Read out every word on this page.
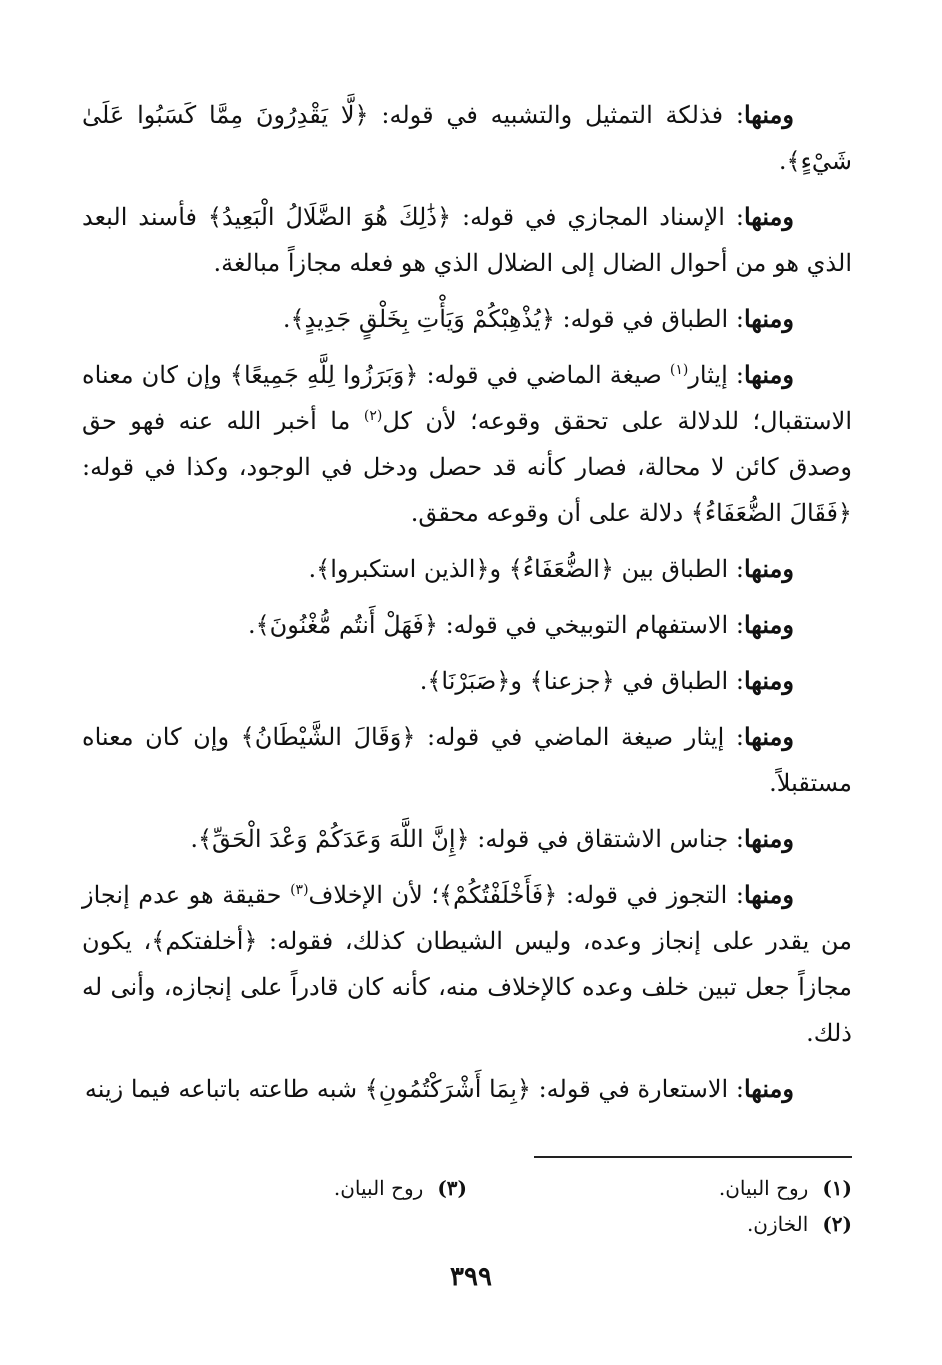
ومنها: فذلكة التمثيل والتشبيه في قوله: ﴿لَّا يَقْدِرُونَ مِمَّا كَسَبُوا عَلَىٰ شَيْءٍ﴾.

ومنها: الإسناد المجازي في قوله: ﴿ذَٰلِكَ هُوَ الضَّلَالُ الْبَعِيدُ﴾ فأسند البعد الذي هو من أحوال الضال إلى الضلال الذي هو فعله مجازاً مبالغة.

ومنها: الطباق في قوله: ﴿يُذْهِبْكُمْ وَيَأْتِ بِخَلْقٍ جَدِيدٍ﴾.

ومنها: إيثار$^{(١)}$ صيغة الماضي في قوله: ﴿وَبَرَزُوا لِلَّهِ جَمِيعًا﴾ وإن كان معناه الاستقبال؛ للدلالة على تحقق وقوعه؛ لأن كل$^{(٢)}$ ما أخبر الله عنه فهو حق وصدق كائن لا محالة، فصار كأنه قد حصل ودخل في الوجود، وكذا في قوله: ﴿فَقَالَ الضُّعَفَاءُ﴾ دلالة على أن وقوعه محقق.

ومنها: الطباق بين ﴿الضُّعَفَاءُ﴾ و﴿الذين استكبروا﴾.

ومنها: الاستفهام التوبيخي في قوله: ﴿فَهَلْ أَنتُم مُّغْنُونَ﴾.

ومنها: الطباق في ﴿جزعنا﴾ و﴿صَبَرْنَا﴾.

ومنها: إيثار صيغة الماضي في قوله: ﴿وَقَالَ الشَّيْطَانُ﴾ وإن كان معناه مستقبلاً.

ومنها: جناس الاشتقاق في قوله: ﴿إِنَّ اللَّهَ وَعَدَكُمْ وَعْدَ الْحَقِّ﴾.

ومنها: التجوز في قوله: ﴿فَأَخْلَفْتُكُمْ﴾؛ لأن الإخلاف$^{(٣)}$ حقيقة هو عدم إنجاز من يقدر على إنجاز وعده، وليس الشيطان كذلك، فقوله: ﴿أخلفتكم﴾، يكون مجازاً جعل تبين خلف وعده كالإخلاف منه، كأنه كان قادراً على إنجازه، وأنى له ذلك.

ومنها: الاستعارة في قوله: ﴿بِمَا أَشْرَكْتُمُونِ﴾ شبه طاعته باتباعه فيما زينه

(١)روح البيان.
(٣)روح البيان.
(٢)الخازن.
٣٩٩
